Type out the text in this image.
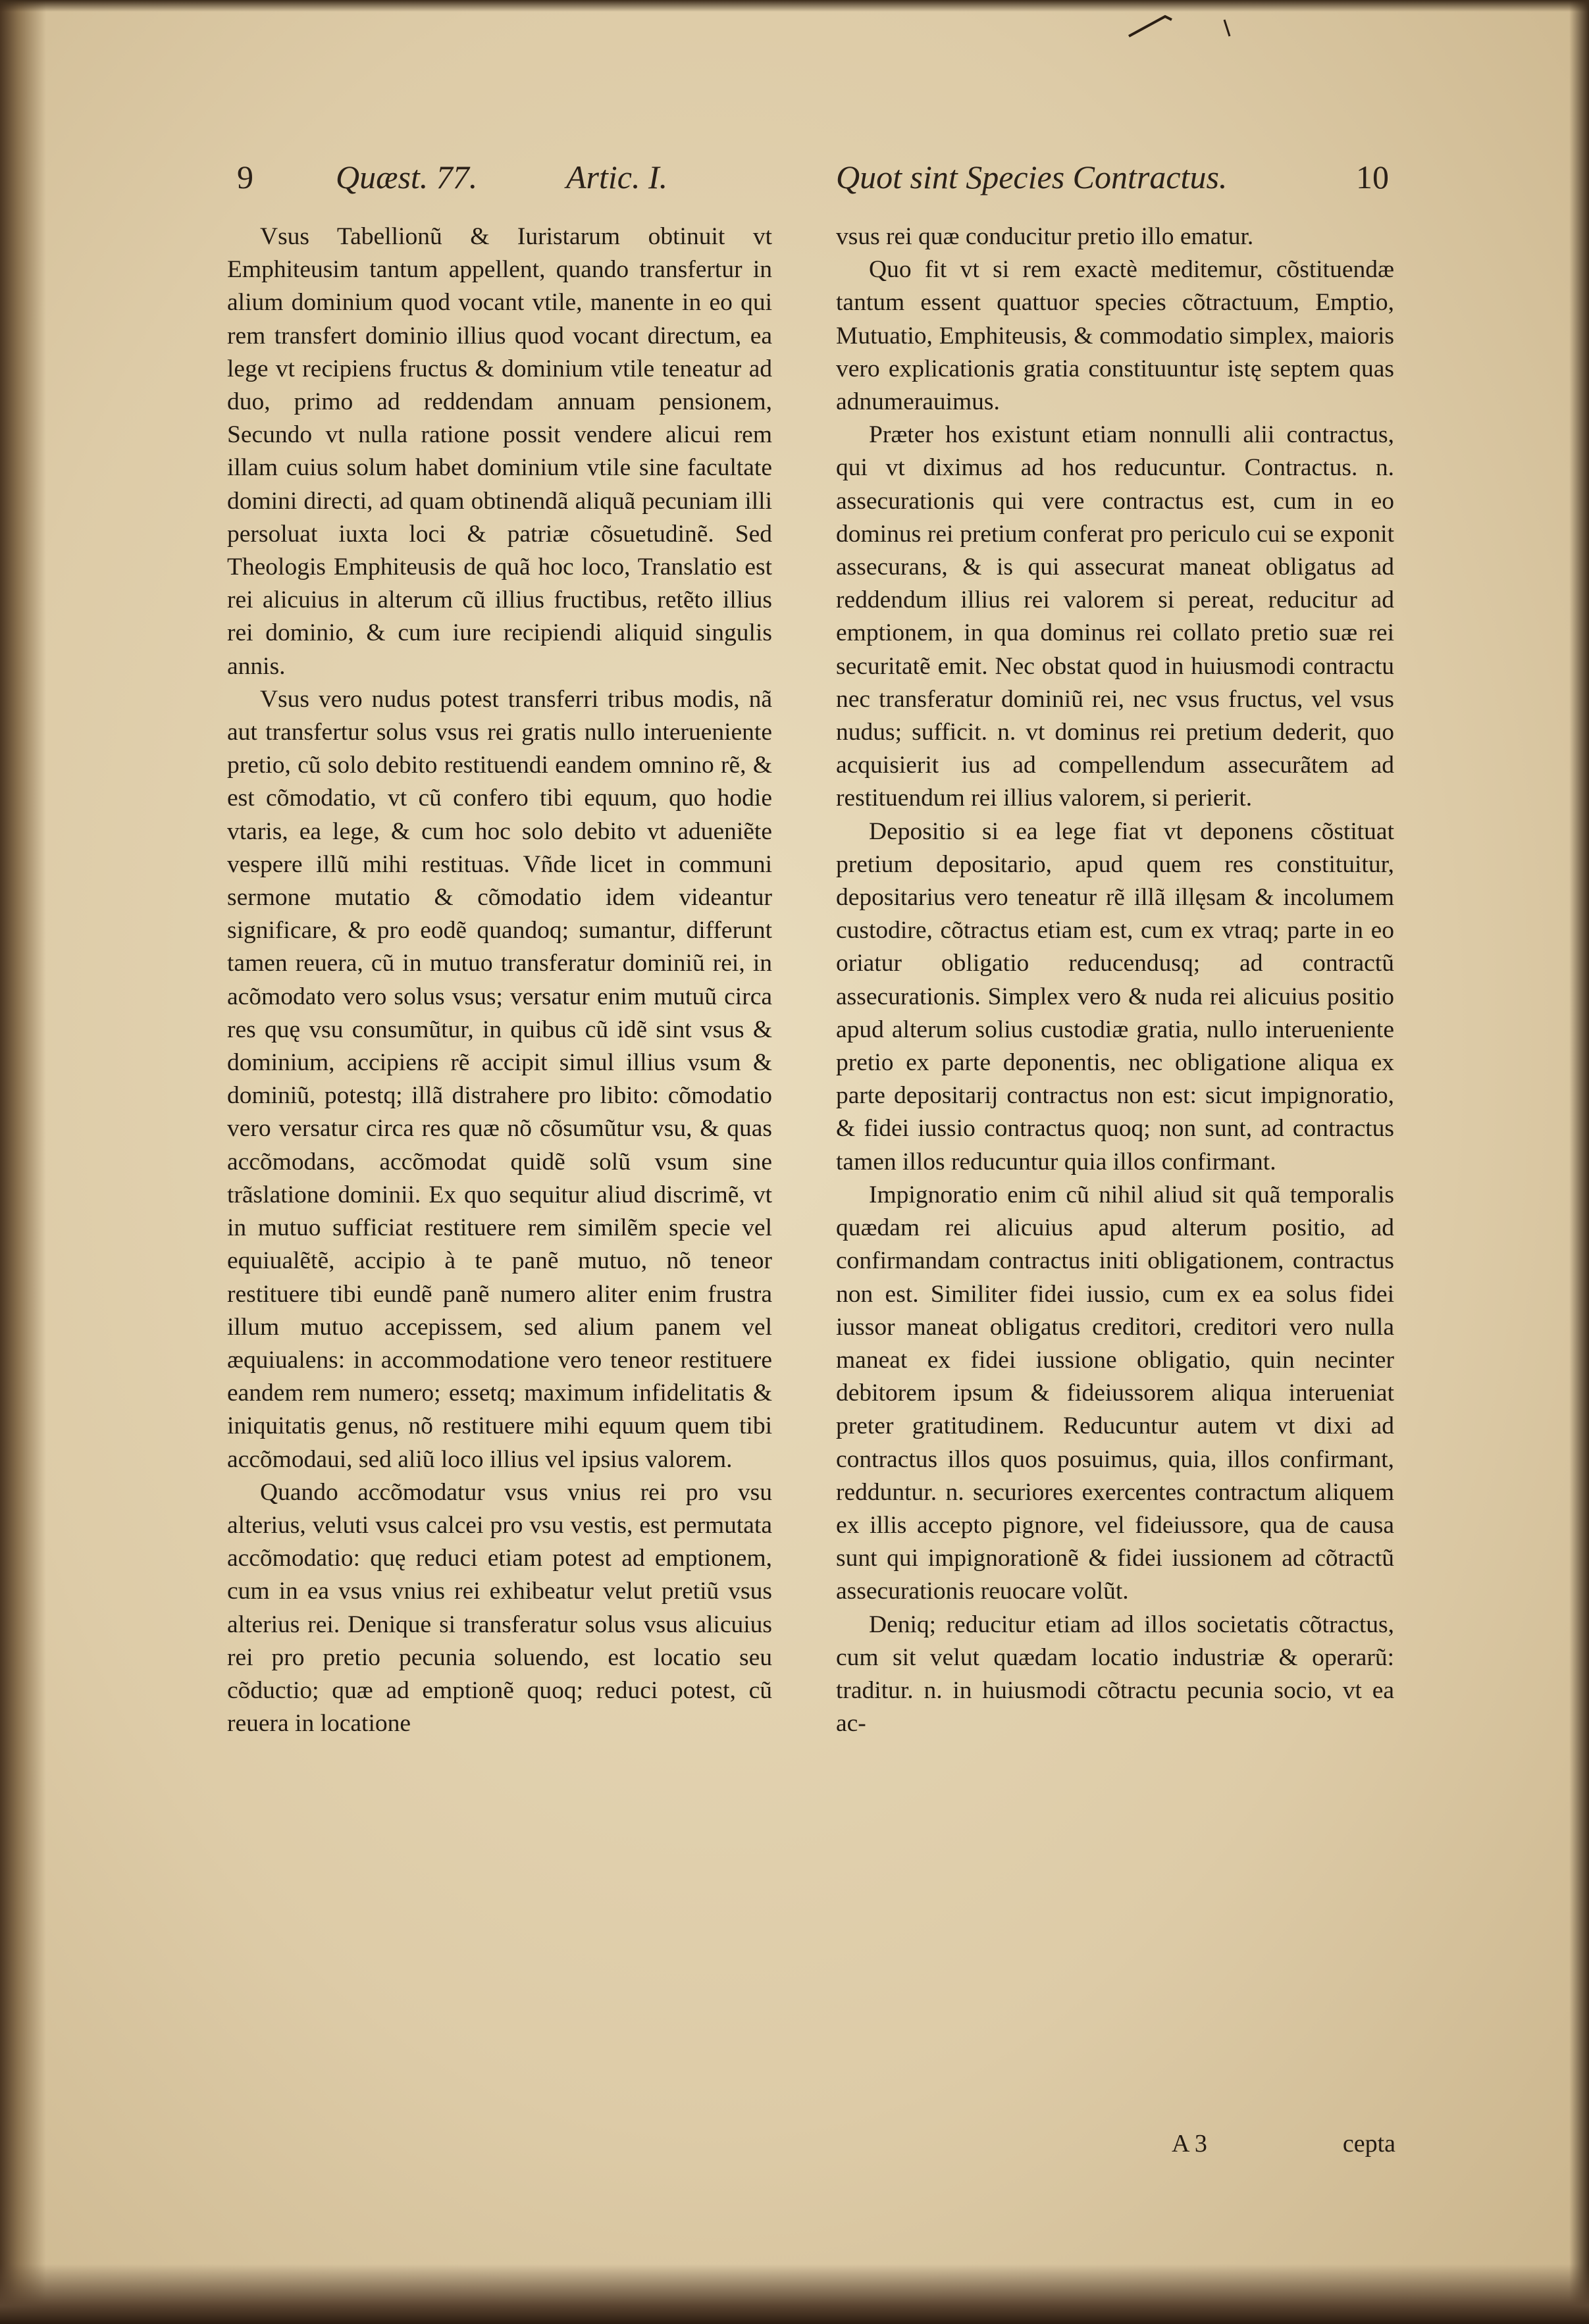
9	Quæst. 77.	Artic. I.	Quot sint Species Contractus.	10

Vsus Tabellionũ & Iuristarum obtinuit vt Emphiteusim tantum appellent, quando transfertur in alium dominium quod vocant vtile, manente in eo qui rem transfert dominio illius quod vocant directum, ea lege vt recipiens fructus & dominium vtile teneatur ad duo, primo ad reddendam annuam pensionem, Secundo vt nulla ratione possit vendere alicui rem illam cuius solum habet dominium vtile sine facultate domini directi, ad quam obtinendã aliquã pecuniam illi persoluat iuxta loci & patriæ cõsuetudinẽ. Sed Theologis Emphiteusis de quã hoc loco, Translatio est rei alicuius in alterum cũ illius fructibus, retẽto illius rei dominio, & cum iure recipiendi aliquid singulis annis.

Vsus vero nudus potest transferri tribus modis, nã aut transfertur solus vsus rei gratis nullo interueniente pretio, cũ solo debito restituendi eandem omnino rẽ, & est cõmodatio, vt cũ confero tibi equum, quo hodie vtaris, ea lege, & cum hoc solo debito vt adueniẽte vespere illũ mihi restituas. Vñde licet in communi sermone mutatio & cõmodatio idem videantur significare, & pro eodẽ quandoq; sumantur, differunt tamen reuera, cũ in mutuo transferatur dominiũ rei, in acõmodato vero solus vsus; versatur enim mutuũ circa res quę vsu consumũtur, in quibus cũ idẽ sint vsus & dominium, accipiens rẽ accipit simul illius vsum & dominiũ, potestq; illã distrahere pro libito: cõmodatio vero versatur circa res quæ nõ cõsumũtur vsu, & quas accõmodans, accõmodat quidẽ solũ vsum sine trãslatione dominii. Ex quo sequitur aliud discrimẽ, vt in mutuo sufficiat restituere rem similẽm specie vel equiualẽtẽ, accipio à te panẽ mutuo, nõ teneor restituere tibi eundẽ panẽ numero aliter enim frustra illum mutuo accepissem, sed alium panem vel æquiualens: in accommodatione vero teneor restituere eandem rem numero; essetq; maximum infidelitatis & iniquitatis genus, nõ restituere mihi equum quem tibi accõmodaui, sed aliũ loco illius vel ipsius valorem.

Quando accõmodatur vsus vnius rei pro vsu alterius, veluti vsus calcei pro vsu vestis, est permutata accõmodatio: quę reduci etiam potest ad emptionem, cum in ea vsus vnius rei exhibeatur velut pretiũ vsus alterius rei. Denique si transferatur solus vsus alicuius rei pro pretio pecunia soluendo, est locatio seu cõductio; quæ ad emptionẽ quoq; reduci potest, cũ reuera in locatione

vsus rei quæ conducitur pretio illo ematur.

Quo fit vt si rem exactè meditemur, cõstituendæ tantum essent quattuor species cõtractuum, Emptio, Mutuatio, Emphiteusis, & commodatio simplex, maioris vero explicationis gratia constituuntur istę septem quas adnumerauimus.

Præter hos existunt etiam nonnulli alii contractus, qui vt diximus ad hos reducuntur. Contractus. n. assecurationis qui vere contractus est, cum in eo dominus rei pretium conferat pro periculo cui se exponit assecurans, & is qui assecurat maneat obligatus ad reddendum illius rei valorem si pereat, reducitur ad emptionem, in qua dominus rei collato pretio suæ rei securitatẽ emit. Nec obstat quod in huiusmodi contractu nec transferatur dominiũ rei, nec vsus fructus, vel vsus nudus; sufficit. n. vt dominus rei pretium dederit, quo acquisierit ius ad compellendum assecurãtem ad restituendum rei illius valorem, si perierit.

Depositio si ea lege fiat vt deponens cõstituat pretium depositario, apud quem res constituitur, depositarius vero teneatur rẽ illã illęsam & incolumem custodire, cõtractus etiam est, cum ex vtraq; parte in eo oriatur obligatio reducendusq; ad contractũ assecurationis. Simplex vero & nuda rei alicuius positio apud alterum solius custodiæ gratia, nullo interueniente pretio ex parte deponentis, nec obligatione aliqua ex parte depositarij contractus non est: sicut impignoratio, & fidei iussio contractus quoq; non sunt, ad contractus tamen illos reducuntur quia illos confirmant.

Impignoratio enim cũ nihil aliud sit quã temporalis quædam rei alicuius apud alterum positio, ad confirmandam contractus initi obligationem, contractus non est. Similiter fidei iussio, cum ex ea solus fidei iussor maneat obligatus creditori, creditori vero nulla maneat ex fidei iussione obligatio, quin necinter debitorem ipsum & fideiussorem aliqua interueniat preter gratitudinem. Reducuntur autem vt dixi ad contractus illos quos posuimus, quia, illos confirmant, redduntur. n. securiores exercentes contractum aliquem ex illis accepto pignore, vel fideiussore, qua de causa sunt qui impignorationẽ & fidei iussionem ad cõtractũ assecurationis reuocare volũt.

Deniq; reducitur etiam ad illos societatis cõtractus, cum sit velut quædam locatio industriæ & operarũ: traditur. n. in huiusmodi cõtractu pecunia socio, vt ea ac-

A 3	cepta
